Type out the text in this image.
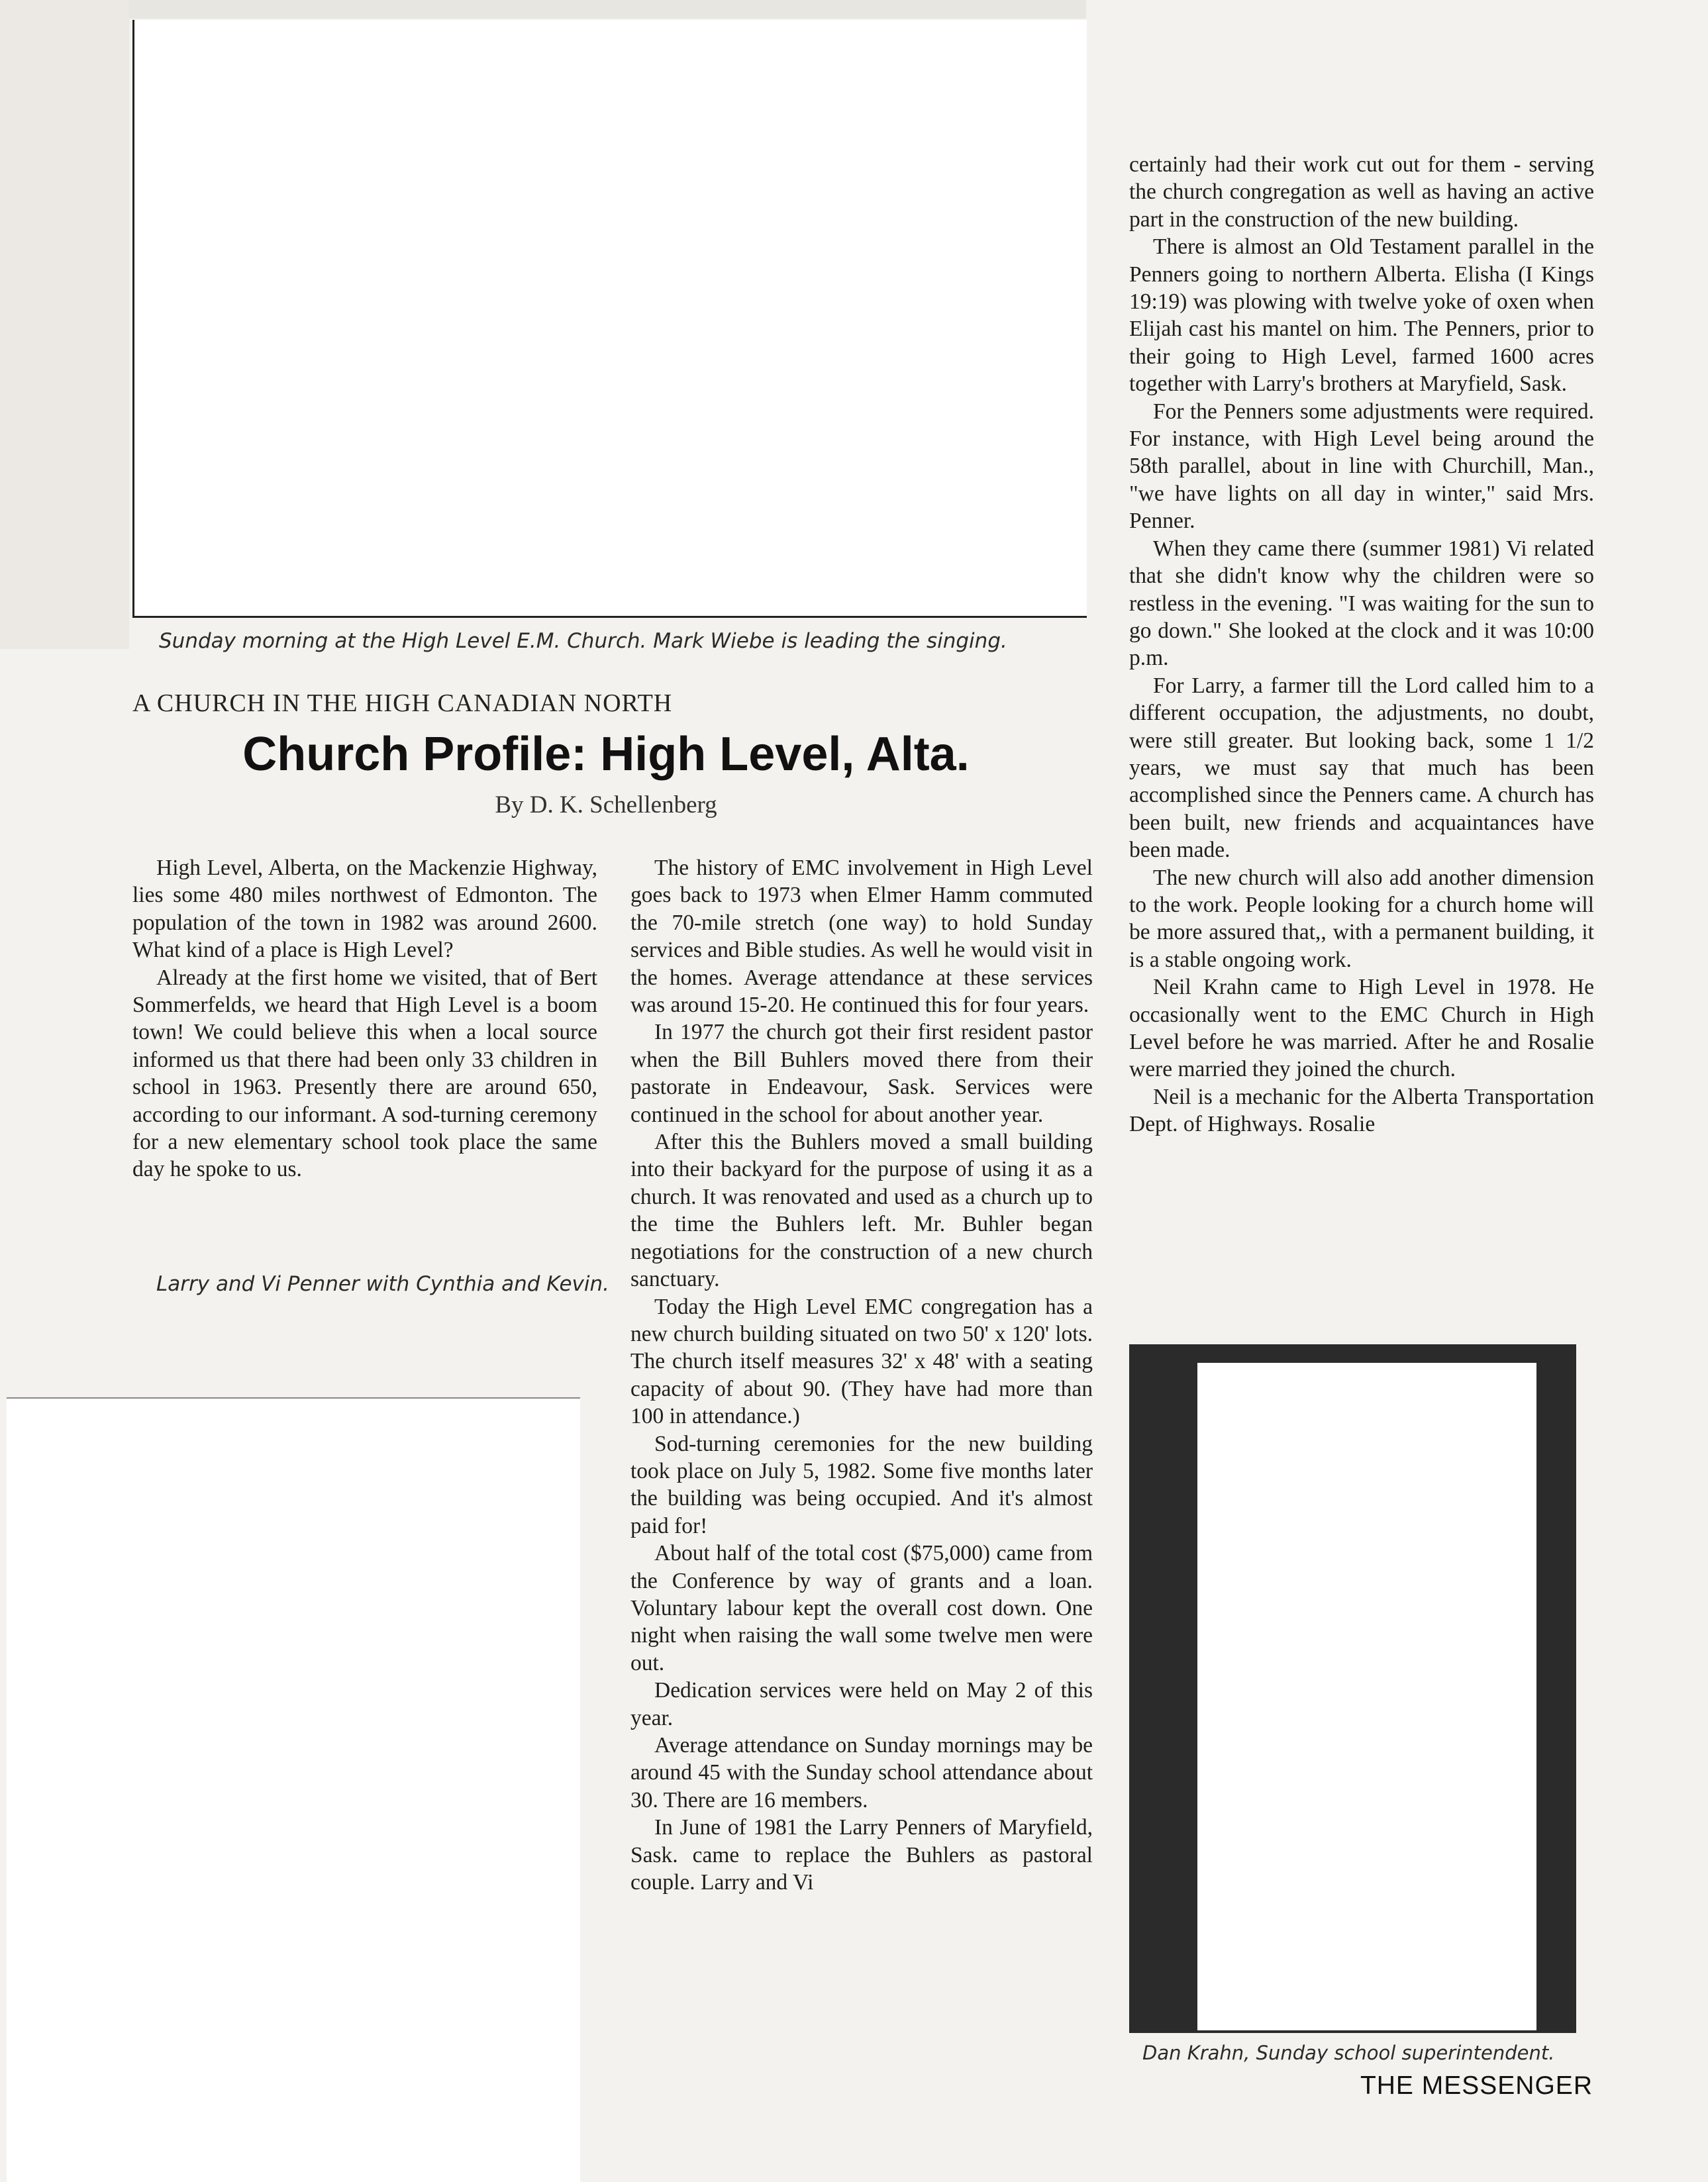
Sunday morning at the High Level E.M. Church. Mark Wiebe is leading the singing.
A CHURCH IN THE HIGH CANADIAN NORTH
Church Profile: High Level, Alta.
By D. K. Schellenberg

High Level, Alberta, on the Mackenzie Highway, lies some 480 miles northwest of Edmonton. The population of the town in 1982 was around 2600. What kind of a place is High Level?

Already at the first home we visited, that of Bert Sommerfelds, we heard that High Level is a boom town! We could believe this when a local source informed us that there had been only 33 children in school in 1963. Presently there are around 650, according to our informant. A sod-turning ceremony for a new elementary school took place the same day he spoke to us.

Larry and Vi Penner with Cynthia and Kevin.

The history of EMC involvement in High Level goes back to 1973 when Elmer Hamm commuted the 70-mile stretch (one way) to hold Sunday services and Bible studies. As well he would visit in the homes. Average attendance at these services was around 15-20. He continued this for four years.

In 1977 the church got their first resident pastor when the Bill Buhlers moved there from their pastorate in Endeavour, Sask. Services were continued in the school for about another year.

After this the Buhlers moved a small building into their backyard for the purpose of using it as a church. It was renovated and used as a church up to the time the Buhlers left. Mr. Buhler began negotiations for the construction of a new church sanctuary.

Today the High Level EMC congregation has a new church building situated on two 50' x 120' lots. The church itself measures 32' x 48' with a seating capacity of about 90. (They have had more than 100 in attendance.)

Sod-turning ceremonies for the new building took place on July 5, 1982. Some five months later the building was being occupied. And it's almost paid for!

About half of the total cost ($75,000) came from the Conference by way of grants and a loan. Voluntary labour kept the overall cost down. One night when raising the wall some twelve men were out.

Dedication services were held on May 2 of this year.

Average attendance on Sunday mornings may be around 45 with the Sunday school attendance about 30. There are 16 members.

In June of 1981 the Larry Penners of Maryfield, Sask. came to replace the Buhlers as pastoral couple. Larry and Vi

certainly had their work cut out for them - serving the church congregation as well as having an active part in the construction of the new building.

There is almost an Old Testament parallel in the Penners going to northern Alberta. Elisha (I Kings 19:19) was plowing with twelve yoke of oxen when Elijah cast his mantel on him. The Penners, prior to their going to High Level, farmed 1600 acres together with Larry's brothers at Maryfield, Sask.

For the Penners some adjustments were required. For instance, with High Level being around the 58th parallel, about in line with Churchill, Man., "we have lights on all day in winter," said Mrs. Penner.

When they came there (summer 1981) Vi related that she didn't know why the children were so restless in the evening. "I was waiting for the sun to go down." She looked at the clock and it was 10:00 p.m.

For Larry, a farmer till the Lord called him to a different occupation, the adjustments, no doubt, were still greater. But looking back, some 1 1/2 years, we must say that much has been accomplished since the Penners came. A church has been built, new friends and acquaintances have been made.

The new church will also add another dimension to the work. People looking for a church home will be more assured that,, with a permanent building, it is a stable ongoing work.

Neil Krahn came to High Level in 1978. He occasionally went to the EMC Church in High Level before he was married. After he and Rosalie were married they joined the church.

Neil is a mechanic for the Alberta Transportation Dept. of Highways. Rosalie

Dan Krahn, Sunday school superintendent.
THE MESSENGER
